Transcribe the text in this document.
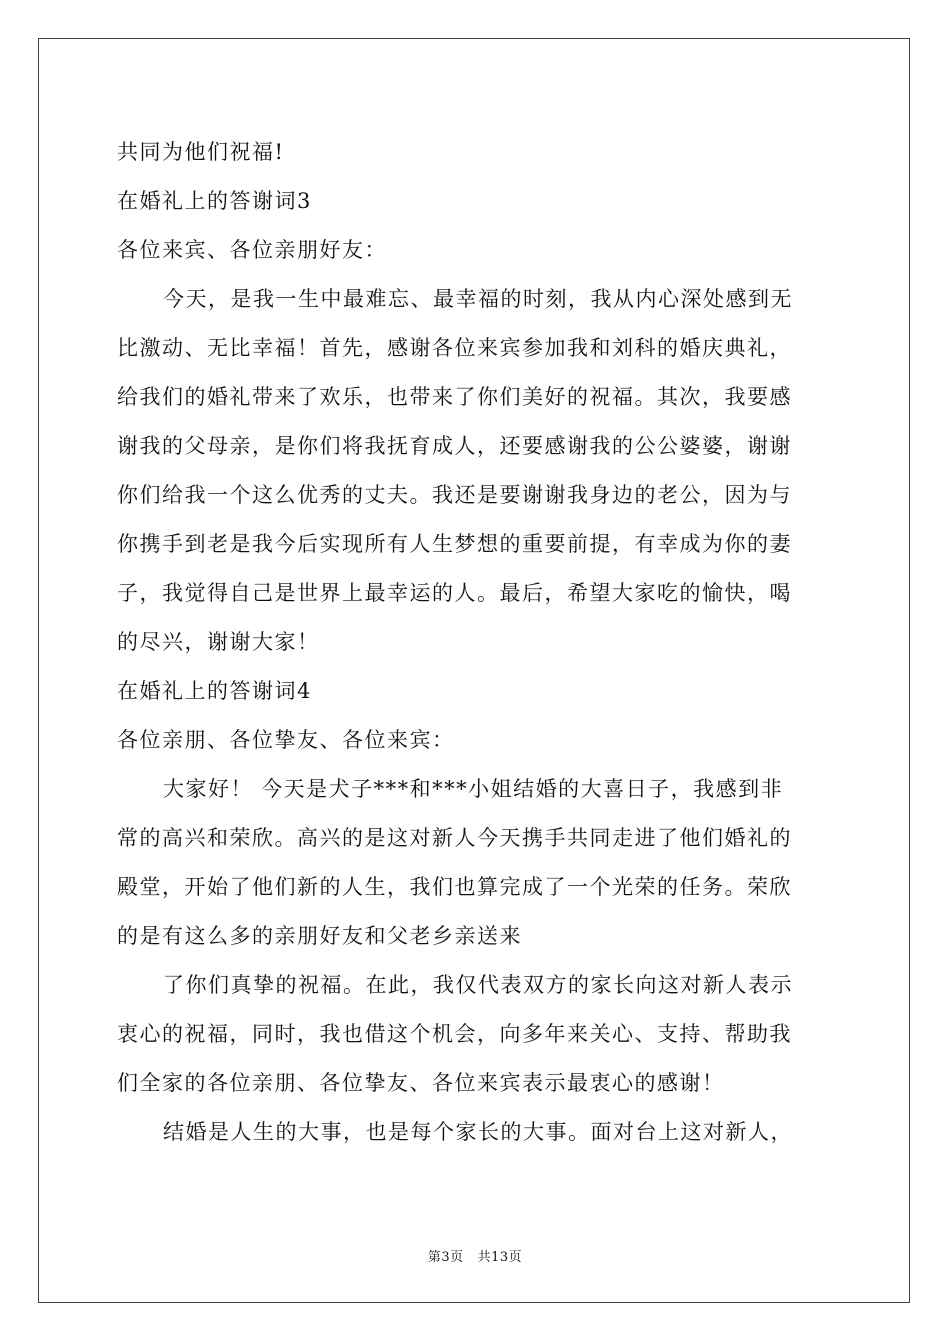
共同为他们祝福!
在婚礼上的答谢词3
各位来宾、各位亲朋好友：
今天，是我一生中最难忘、最幸福的时刻，我从内心深处感到无
比激动、无比幸福！首先，感谢各位来宾参加我和刘科的婚庆典礼，
给我们的婚礼带来了欢乐，也带来了你们美好的祝福。其次，我要感
谢我的父母亲，是你们将我抚育成人，还要感谢我的公公婆婆，谢谢
你们给我一个这么优秀的丈夫。我还是要谢谢我身边的老公，因为与
你携手到老是我今后实现所有人生梦想的重要前提，有幸成为你的妻
子，我觉得自己是世界上最幸运的人。最后，希望大家吃的愉快，喝
的尽兴，谢谢大家！
在婚礼上的答谢词4
各位亲朋、各位挚友、各位来宾：
大家好！ 今天是犬子***和***小姐结婚的大喜日子，我感到非
常的高兴和荣欣。高兴的是这对新人今天携手共同走进了他们婚礼的
殿堂，开始了他们新的人生，我们也算完成了一个光荣的任务。荣欣
的是有这么多的亲朋好友和父老乡亲送来
了你们真挚的祝福。在此，我仅代表双方的家长向这对新人表示
衷心的祝福，同时，我也借这个机会，向多年来关心、支持、帮助我
们全家的各位亲朋、各位挚友、各位来宾表示最衷心的感谢！
结婚是人生的大事，也是每个家长的大事。面对台上这对新人，
第3页 共13页
